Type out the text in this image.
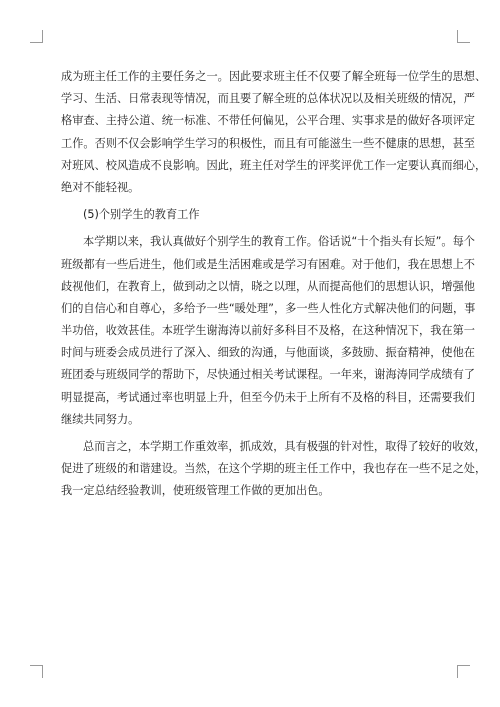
成为班主任工作的主要任务之一。因此要求班主任不仅要了解全班每一位学生的思想、
学习、生活、日常表现等情况，而且要了解全班的总体状况以及相关班级的情况，严
格审查、主持公道、统一标准、不带任何偏见，公平合理、实事求是的做好各项评定
工作。否则不仅会影响学生学习的积极性，而且有可能滋生一些不健康的思想，甚至
对班风、校风造成不良影响。因此，班主任对学生的评奖评优工作一定要认真而细心，
绝对不能轻视。
(5)个别学生的教育工作
本学期以来，我认真做好个别学生的教育工作。俗话说“十个指头有长短”。每个
班级都有一些后进生，他们或是生活困难或是学习有困难。对于他们，我在思想上不
歧视他们，在教育上，做到动之以情，晓之以理，从而提高他们的思想认识，增强他
们的自信心和自尊心，多给予一些“暖处理”，多一些人性化方式解决他们的问题，事
半功倍，收效甚佳。本班学生谢海涛以前好多科目不及格，在这种情况下，我在第一
时间与班委会成员进行了深入、细致的沟通，与他面谈，多鼓励、振奋精神，使他在
班团委与班级同学的帮助下，尽快通过相关考试课程。一年来，谢海涛同学成绩有了
明显提高，考试通过率也明显上升，但至今仍未于上所有不及格的科目，还需要我们
继续共同努力。
总而言之，本学期工作重效率，抓成效，具有极强的针对性，取得了较好的收效，
促进了班级的和谐建设。当然，在这个学期的班主任工作中，我也存在一些不足之处，
我一定总结经验教训，使班级管理工作做的更加出色。
